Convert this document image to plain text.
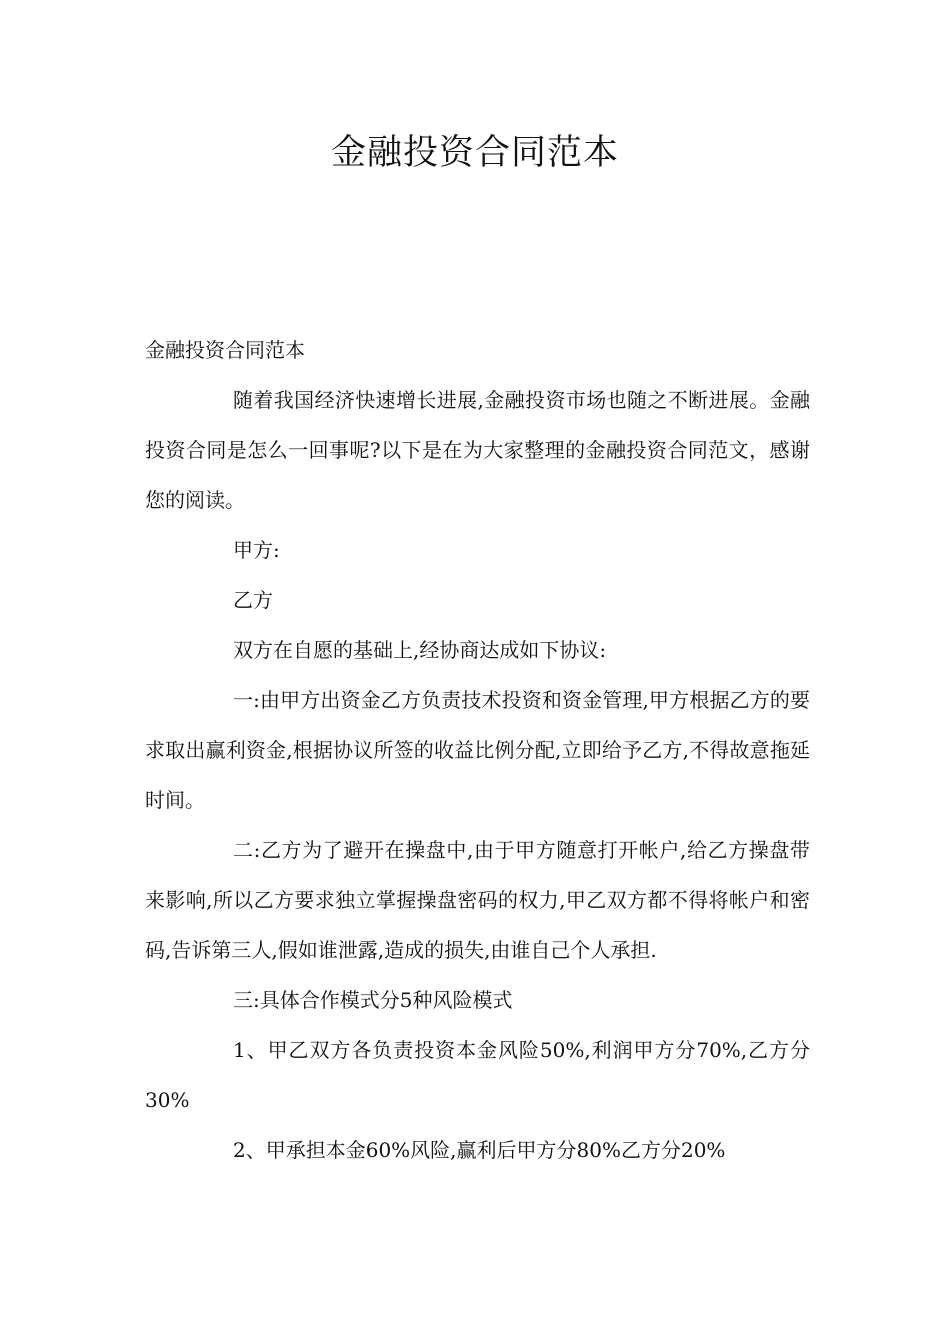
金融投资合同范本

金融投资合同范本

随着我国经济快速增长进展,金融投资市场也随之不断进展。金融投资合同是怎么一回事呢?以下是在为大家整理的金融投资合同范文，感谢您的阅读。

甲方:

乙方

双方在自愿的基础上,经协商达成如下协议:

一:由甲方出资金乙方负责技术投资和资金管理,甲方根据乙方的要求取出赢利资金,根据协议所签的收益比例分配,立即给予乙方,不得故意拖延时间。

二:乙方为了避开在操盘中,由于甲方随意打开帐户,给乙方操盘带来影响,所以乙方要求独立掌握操盘密码的权力,甲乙双方都不得将帐户和密码,告诉第三人,假如谁泄露,造成的损失,由谁自己个人承担.

三:具体合作模式分5种风险模式

1、甲乙双方各负责投资本金风险50%,利润甲方分70%,乙方分30%

2、甲承担本金60%风险,赢利后甲方分80%乙方分20%
